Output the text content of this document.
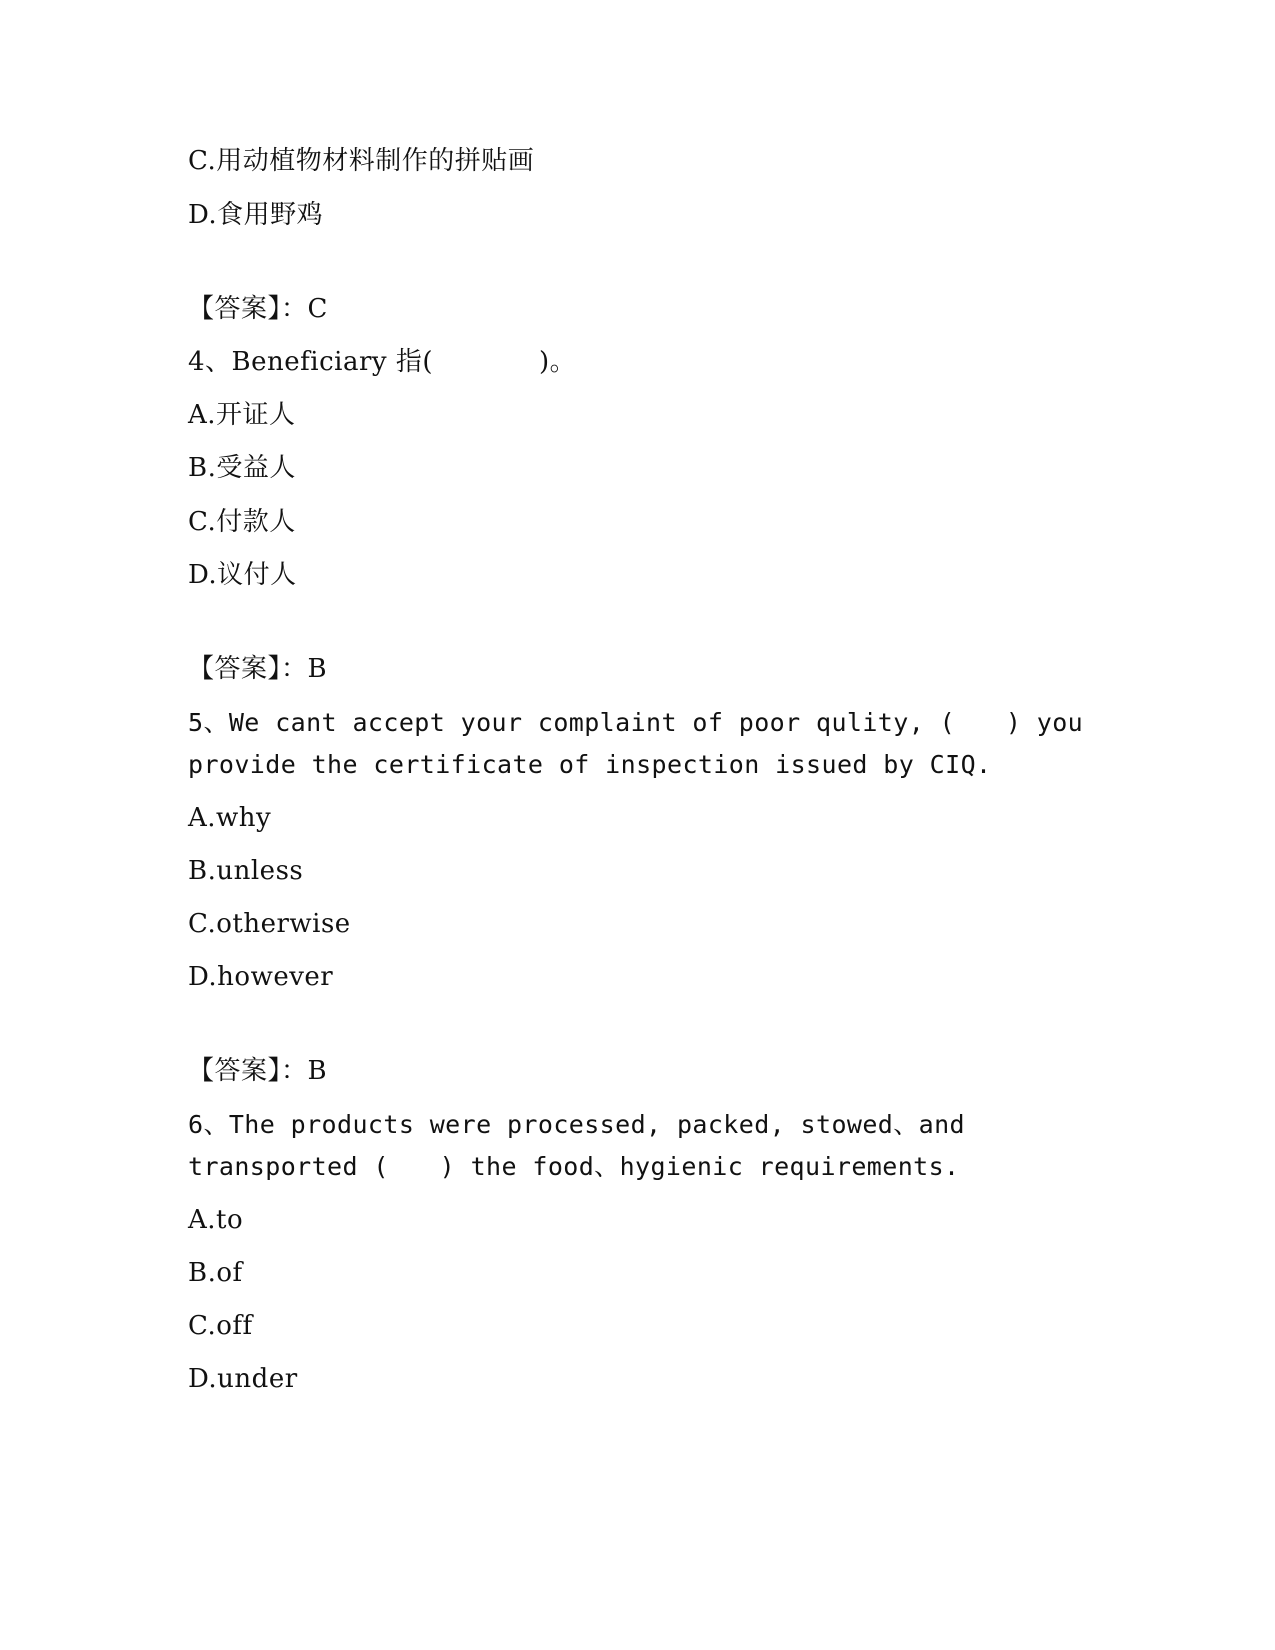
C.用动植物材料制作的拼贴画
D.食用野鸡
【答案】：C
4、Beneficiary 指(　　　　)。
A.开证人
B.受益人
C.付款人
D.议付人
【答案】：B
5、We cant accept your complaint of poor qulity, (　　) you
provide the certificate of inspection issued by CIQ.
A.why
B.unless
C.otherwise
D.however
【答案】：B
6、The products were processed, packed, stowed、and
transported (　　) the food、hygienic requirements.
A.to
B.of
C.off
D.under
